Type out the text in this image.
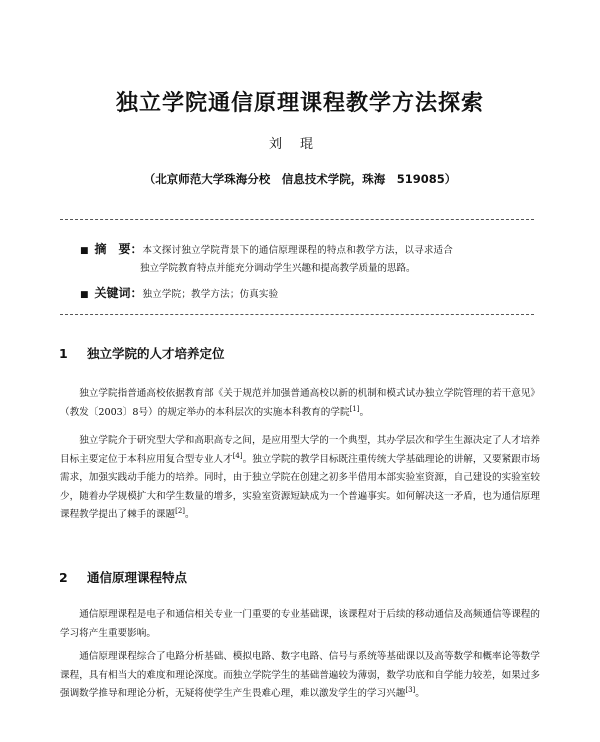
独立学院通信原理课程教学方法探索
刘琨
（北京师范大学珠海分校　信息技术学院，珠海　519085）
■ 摘　要：本文探讨独立学院背景下的通信原理课程的特点和教学方法，以寻求适合
独立学院教育特点并能充分调动学生兴趣和提高教学质量的思路。
■ 关键词：独立学院；教学方法；仿真实验
1 独立学院的人才培养定位
独立学院指普通高校依据教育部《关于规范并加强普通高校以新的机制和模式试办独立学院管理的若干意见》（教发〔2003〕8号）的规定举办的本科层次的实施本科教育的学院[1]。
独立学院介于研究型大学和高职高专之间，是应用型大学的一个典型，其办学层次和学生生源决定了人才培养目标主要定位于本科应用复合型专业人才[4]。独立学院的教学目标既注重传统大学基础理论的讲解，又要紧跟市场需求，加强实践动手能力的培养。同时，由于独立学院在创建之初多半借用本部实验室资源，自己建设的实验室较少，随着办学规模扩大和学生数量的增多，实验室资源短缺成为一个普遍事实。如何解决这一矛盾，也为通信原理课程教学提出了棘手的课题[2]。
2 通信原理课程特点
通信原理课程是电子和通信相关专业一门重要的专业基础课，该课程对于后续的移动通信及高频通信等课程的学习将产生重要影响。
通信原理课程综合了电路分析基础、模拟电路、数字电路、信号与系统等基础课以及高等数学和概率论等数学课程，具有相当大的难度和理论深度。而独立学院学生的基础普遍较为薄弱，数学功底和自学能力较差，如果过多强调数学推导和理论分析，无疑将使学生产生畏难心理，难以激发学生的学习兴趣[3]。
